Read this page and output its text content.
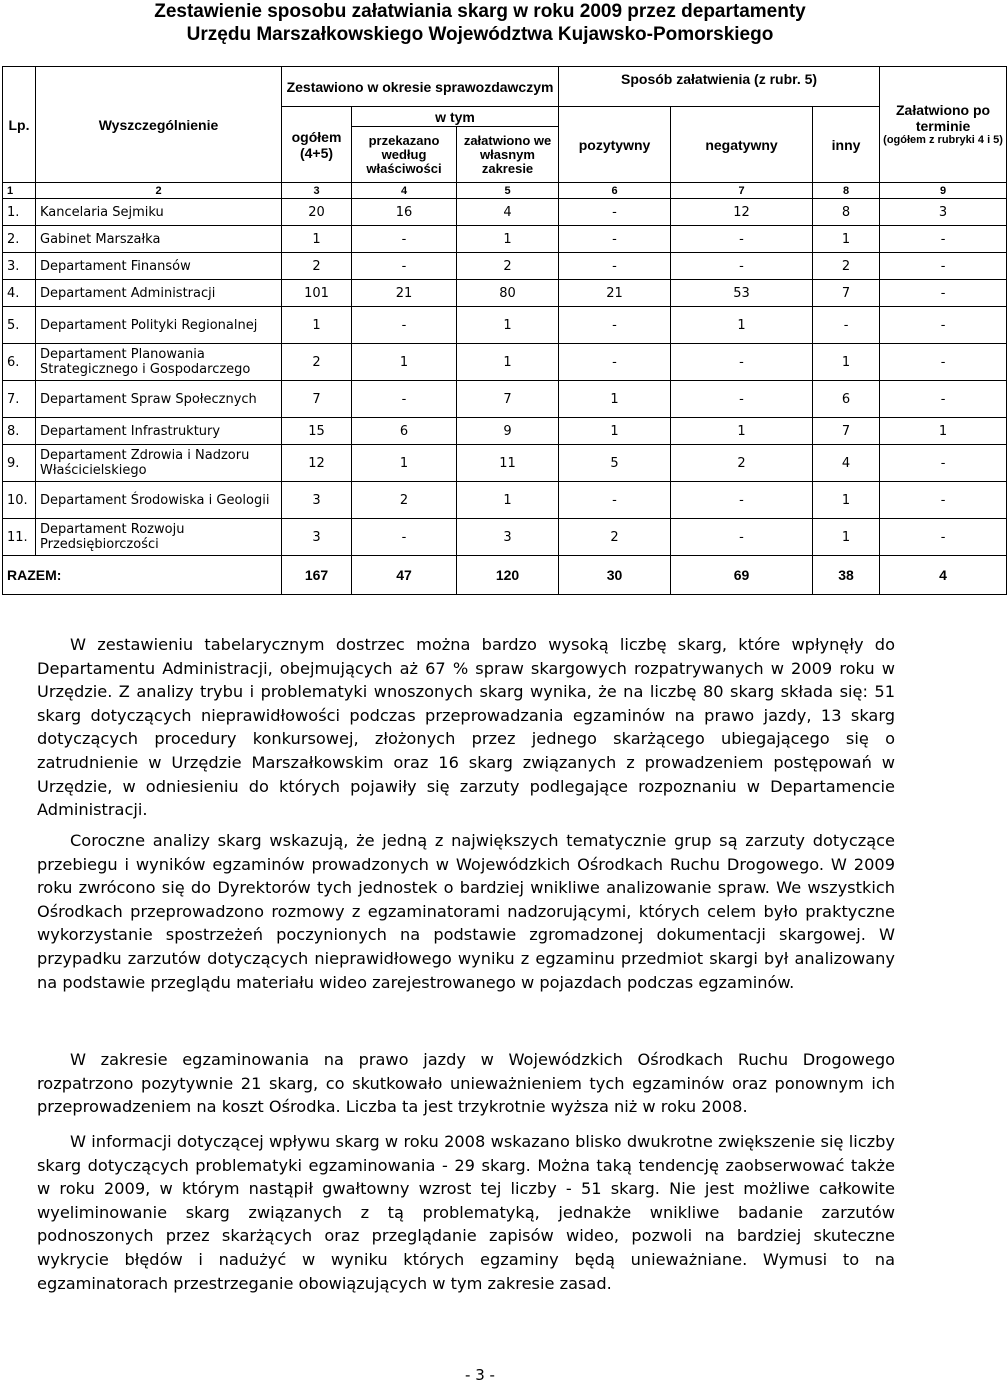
Zestawienie sposobu załatwiania skarg w roku 2009 przez departamenty
Urzędu Marszałkowskiego Województwa Kujawsko-Pomorskiego
Lp.	Wyszczególnienie	Zestawiono w okresie sprawozdawczym			Sposób załatwienia (z rubr. 5)			Załatwiono po terminie
(ogółem z rubryki 4 i 5)

		ogółem (4+5)	w tym		pozytywny	negatywny	inny	
			przekazano według właściwości	załatwiono we własnym zakresie				
1	2	3	4	5	6	7	8	9
1.	Kancelaria Sejmiku	20	16	4	-	12	8	3
2.	Gabinet Marszałka	1	-	1	-	-	1	-
3.	Departament Finansów	2	-	2	-	-	2	-
4.	Departament Administracji	101	21	80	21	53	7	-
5.	Departament Polityki Regionalnej	1	-	1	-	1	-	-
6.	Departament Planowania Strategicznego i Gospodarczego	2	1	1	-	-	1	-
7.	Departament Spraw Społecznych	7	-	7	1	-	6	-
8.	Departament Infrastruktury	15	6	9	1	1	7	1
9.	Departament Zdrowia i Nadzoru Właścicielskiego	12	1	11	5	2	4	-
10.	Departament Środowiska i Geologii	3	2	1	-	-	1	-
11.	Departament Rozwoju Przedsiębiorczości	3	-	3	2	-	1	-
RAZEM:		167	47	120	30	69	38	4

W zestawieniu tabelarycznym dostrzec można bardzo wysoką liczbę skarg, które wpłynęły do Departamentu Administracji, obejmujących aż 67 % spraw skargowych rozpatrywanych w 2009 roku w Urzędzie. Z analizy trybu i problematyki wnoszonych skarg wynika, że na liczbę 80 skarg składa się: 51 skarg dotyczących nieprawidłowości podczas przeprowadzania egzaminów na prawo jazdy, 13 skarg dotyczących procedury konkursowej, złożonych przez jednego skarżącego ubiegającego się o zatrudnienie w Urzędzie Marszałkowskim oraz 16 skarg związanych z prowadzeniem postępowań w Urzędzie, w odniesieniu do których pojawiły się zarzuty podlegające rozpoznaniu w Departamencie Administracji.

Coroczne analizy skarg wskazują, że jedną z największych tematycznie grup są zarzuty dotyczące przebiegu i wyników egzaminów prowadzonych w Wojewódzkich Ośrodkach Ruchu Drogowego. W 2009 roku zwrócono się do Dyrektorów tych jednostek o bardziej wnikliwe analizowanie spraw. We wszystkich Ośrodkach przeprowadzono rozmowy z egzaminatorami nadzorującymi, których celem było praktyczne wykorzystanie spostrzeżeń poczynionych na podstawie zgromadzonej dokumentacji skargowej. W przypadku zarzutów dotyczących nieprawidłowego wyniku z egzaminu przedmiot skargi był analizowany na podstawie przeglądu materiału wideo zarejestrowanego w pojazdach podczas egzaminów.

W zakresie egzaminowania na prawo jazdy w Wojewódzkich Ośrodkach Ruchu Drogowego rozpatrzono pozytywnie 21 skarg, co skutkowało unieważnieniem tych egzaminów oraz ponownym ich przeprowadzeniem na koszt Ośrodka. Liczba ta jest trzykrotnie wyższa niż w roku 2008.

W informacji dotyczącej wpływu skarg w roku 2008 wskazano blisko dwukrotne zwiększenie się liczby skarg dotyczących problematyki egzaminowania - 29 skarg. Można taką tendencję zaobserwować także w roku 2009, w którym nastąpił gwałtowny wzrost tej liczby - 51 skarg. Nie jest możliwe całkowite wyeliminowanie skarg związanych z tą problematyką, jednakże wnikliwe badanie zarzutów podnoszonych przez skarżących oraz przeglądanie zapisów wideo, pozwoli na bardziej skuteczne wykrycie błędów i nadużyć w wyniku których egzaminy będą unieważniane. Wymusi to na egzaminatorach przestrzeganie obowiązujących w tym zakresie zasad.

- 3 -
